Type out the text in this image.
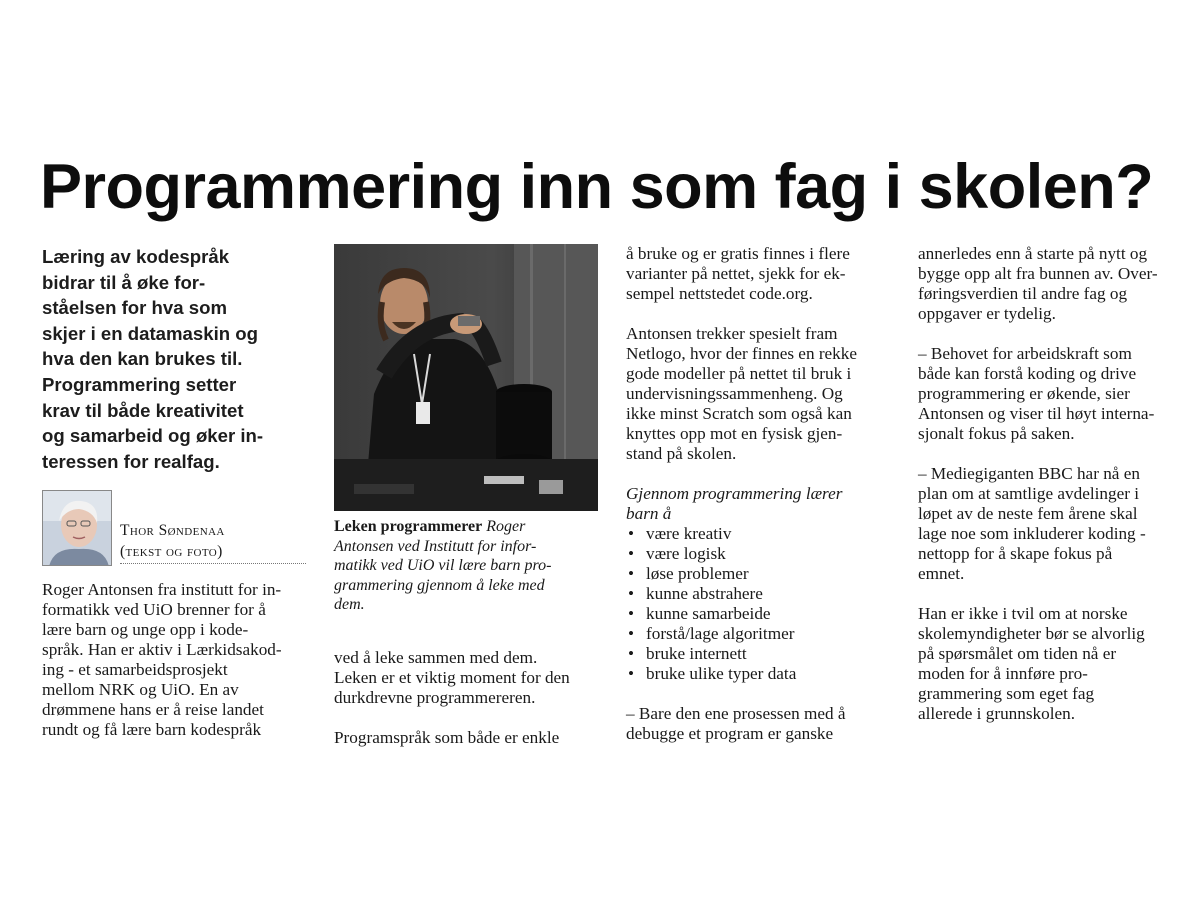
Programmering inn som fag i skolen?
Læring av kodespråk
bidrar til å øke for-
ståelsen for hva som
skjer i en datamaskin og
hva den kan brukes til.
Programmering setter
krav til både kreativitet
og samarbeid og øker in-
teressen for realfag.
Thor Søndenaa
(tekst og foto)
Roger Antonsen fra institutt for in-
formatikk ved UiO brenner for å
lære barn og unge opp i kode-
språk. Han er aktiv i Lærkidsakod-
ing - et samarbeidsprosjekt
mellom NRK og UiO. En av
drømmene hans er å reise landet
rundt og få lære barn kodespråk
Leken programmerer Roger
Antonsen ved Institutt for infor-
matikk ved UiO vil lære barn pro-
grammering gjennom å leke med
dem.
ved å leke sammen med dem.
Leken er et viktig moment for den
durkdrevne programmereren.
Programspråk som både er enkle
å bruke og er gratis finnes i flere
varianter på nettet, sjekk for ek-
sempel nettstedet code.org.
Antonsen trekker spesielt fram
Netlogo, hvor der finnes en rekke
gode modeller på nettet til bruk i
undervisningssammenheng. Og
ikke minst Scratch som også kan
knyttes opp mot en fysisk gjen-
stand på skolen.
Gjennom programmering lærer
barn å
• være kreativ
• være logisk
• løse problemer
• kunne abstrahere
• kunne samarbeide
• forstå/lage algoritmer
• bruke internett
• bruke ulike typer data
– Bare den ene prosessen med å
debugge et program er ganske
annerledes enn å starte på nytt og
bygge opp alt fra bunnen av. Over-
føringsverdien til andre fag og
oppgaver er tydelig.
– Behovet for arbeidskraft som
både kan forstå koding og drive
programmering er økende, sier
Antonsen og viser til høyt interna-
sjonalt fokus på saken.
– Mediegiganten BBC har nå en
plan om at samtlige avdelinger i
løpet av de neste fem årene skal
lage noe som inkluderer koding -
nettopp for å skape fokus på
emnet.
Han er ikke i tvil om at norske
skolemyndigheter bør se alvorlig
på spørsmålet om tiden nå er
moden for å innføre pro-
grammering som eget fag
allerede i grunnskolen.
